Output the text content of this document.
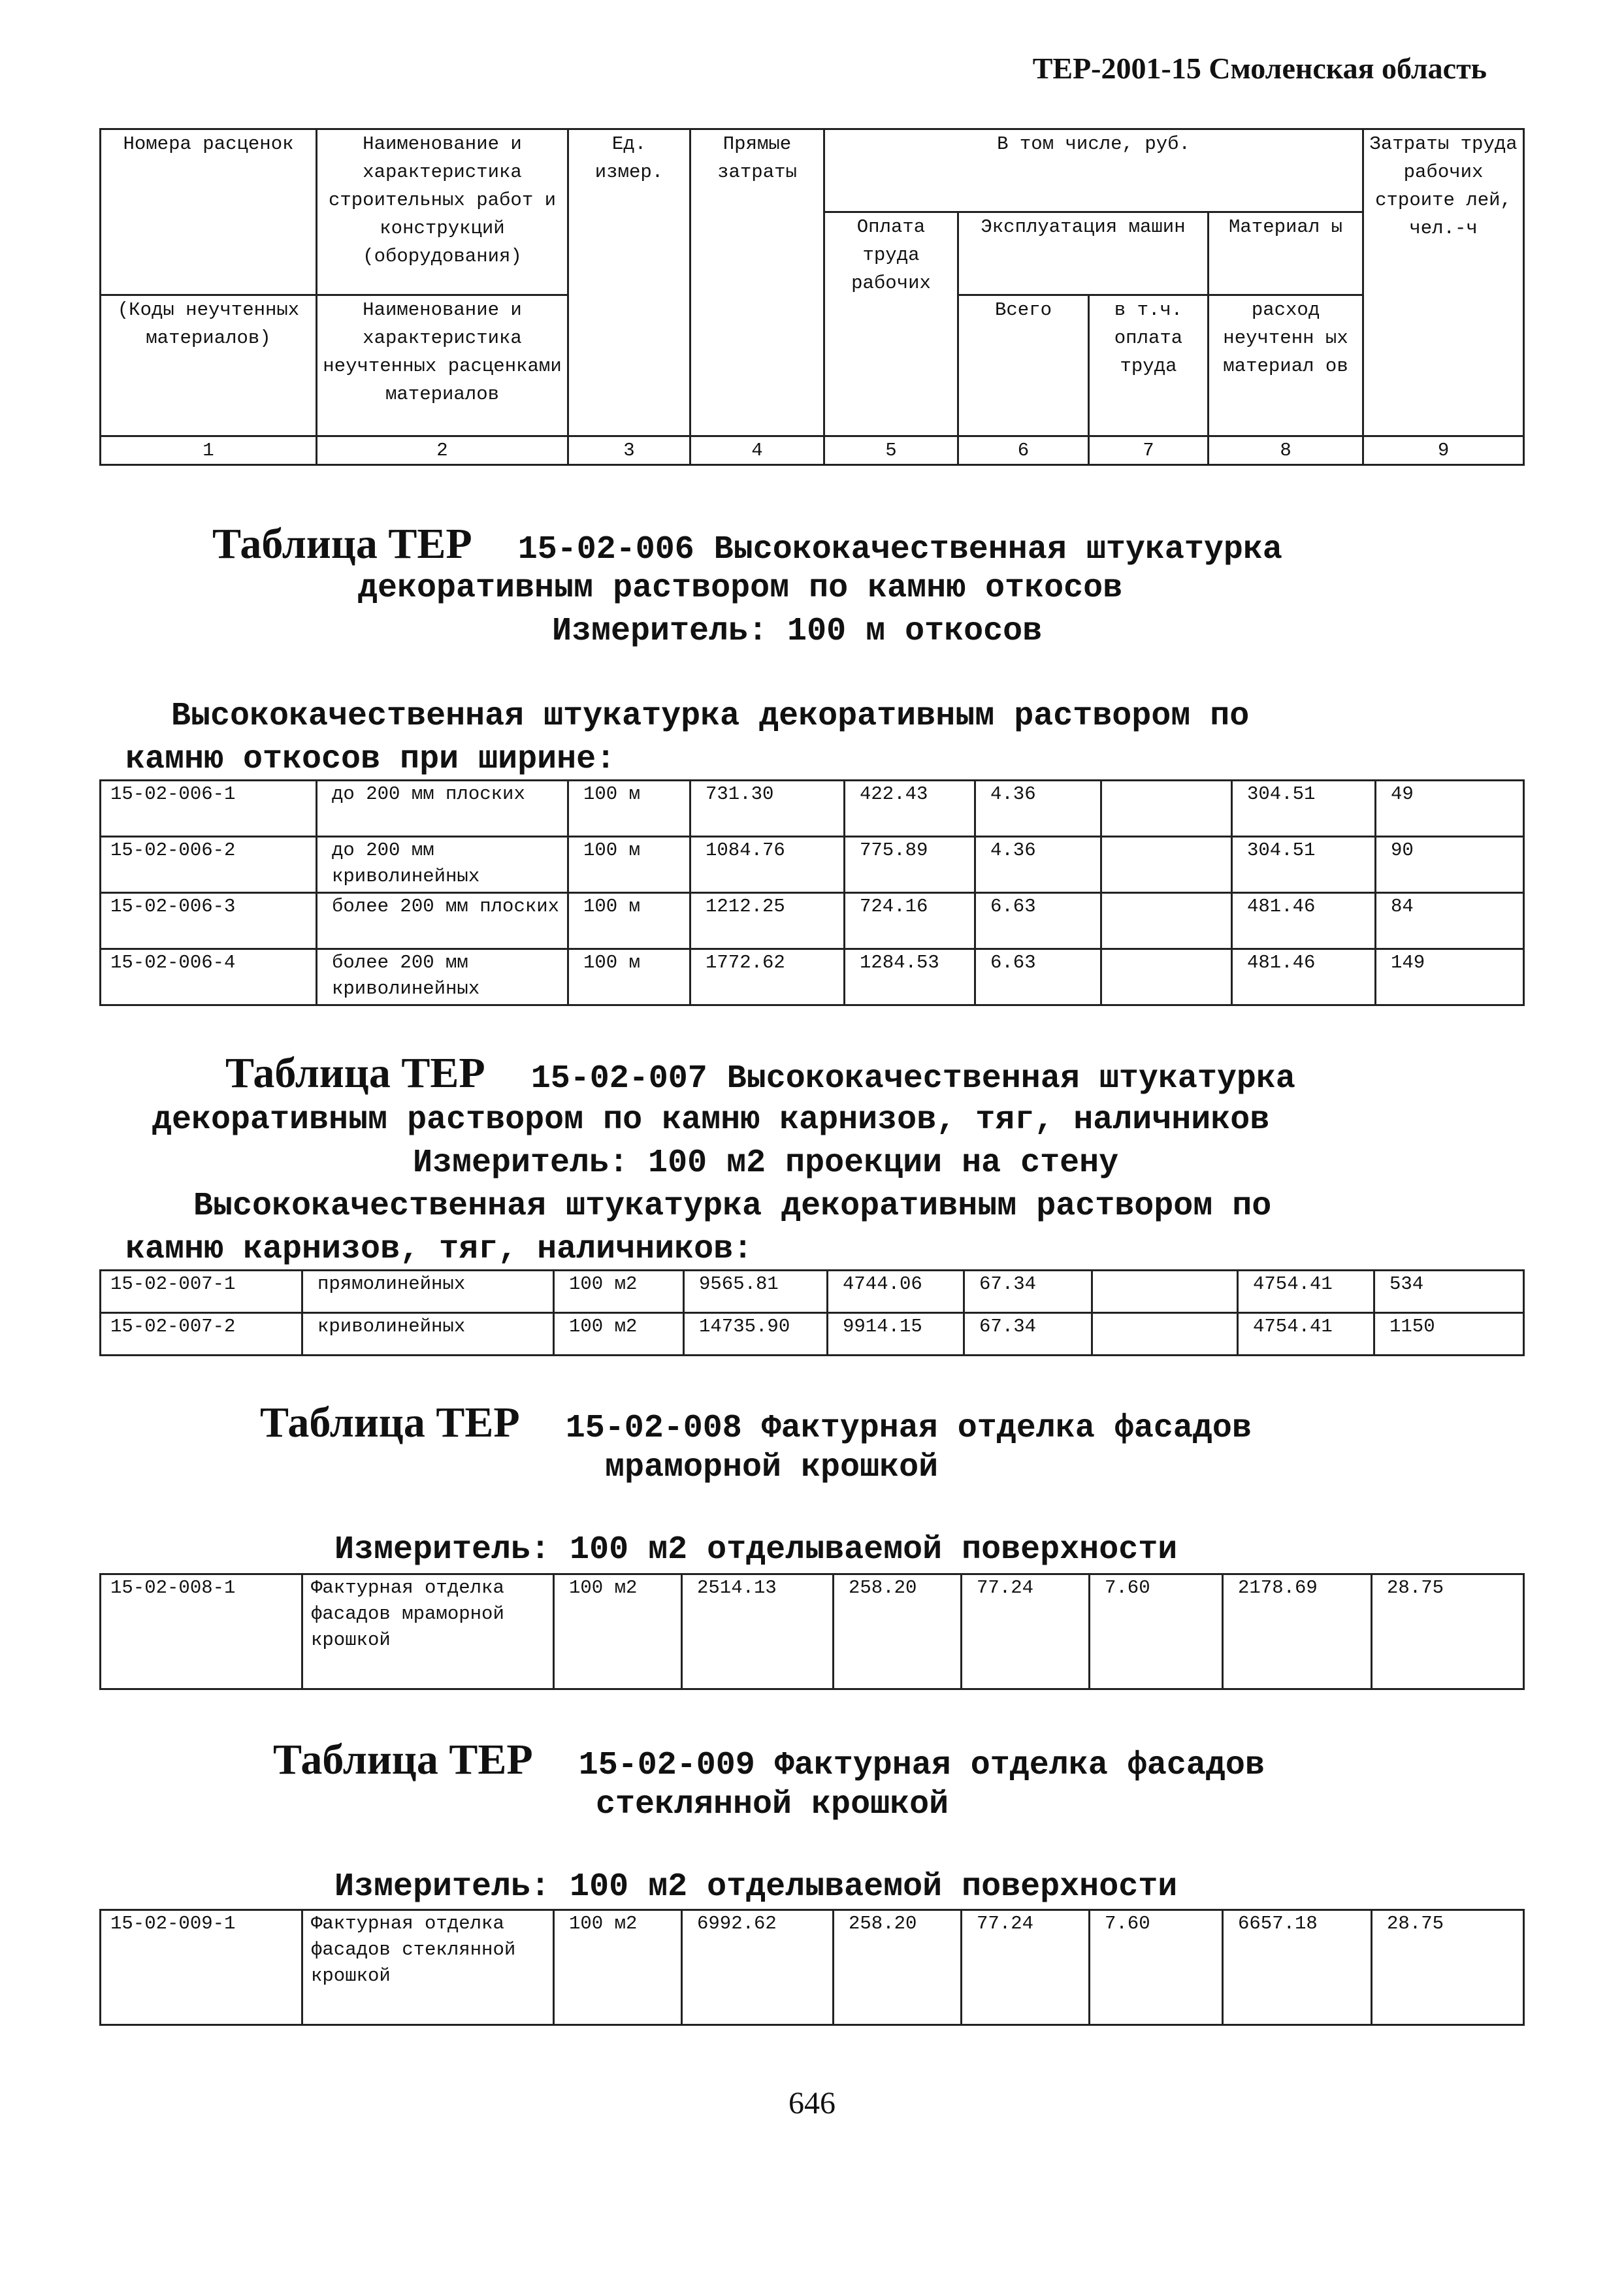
ТЕР-2001-15 Смоленская область
Номера расценок	Наименование и характеристика строительных работ и конструкций (оборудования)	Ед. измер.	Прямые затраты	В том числе, руб.				Затраты труда рабочих строите лей, чел.-ч
				Оплата труда рабочих	Эксплуатация машин		Материал ы	
(Коды неучтенных материалов)	Наименование и характеристика неучтенных расценками материалов				Всего	в т.ч. оплата труда	расход неучтенн ых материал ов	
1	2	3	4	5	6	7	8	9
Таблица ТЕР 15-02-006 Высококачественная штукатурка
декоративным раствором по камню откосов
Измеритель: 100 м откосов
Высококачественная штукатурка декоративным раствором по
камню откосов при ширине:
15-02-006-1	до 200 мм плоских	100 м	731.30	422.43	4.36		304.51	49
15-02-006-2	до 200 мм криволинейных	100 м	1084.76	775.89	4.36		304.51	90
15-02-006-3	более 200 мм плоских	100 м	1212.25	724.16	6.63		481.46	84
15-02-006-4	более 200 мм криволинейных	100 м	1772.62	1284.53	6.63		481.46	149
Таблица ТЕР 15-02-007 Высококачественная штукатурка
декоративным раствором по камню карнизов, тяг, наличников
Измеритель: 100 м2 проекции на стену
Высококачественная штукатурка декоративным раствором по
камню карнизов, тяг, наличников:
15-02-007-1	прямолинейных	100 м2	9565.81	4744.06	67.34		4754.41	534
15-02-007-2	криволинейных	100 м2	14735.90	9914.15	67.34		4754.41	1150
Таблица ТЕР 15-02-008 Фактурная отделка фасадов
мраморной крошкой
Измеритель: 100 м2 отделываемой поверхности
15-02-008-1	Фактурная отделка фасадов мраморной крошкой	100 м2	2514.13	258.20	77.24	7.60	2178.69	28.75
Таблица ТЕР 15-02-009 Фактурная отделка фасадов
стеклянной крошкой
Измеритель: 100 м2 отделываемой поверхности
15-02-009-1	Фактурная отделка фасадов стеклянной крошкой	100 м2	6992.62	258.20	77.24	7.60	6657.18	28.75
646
